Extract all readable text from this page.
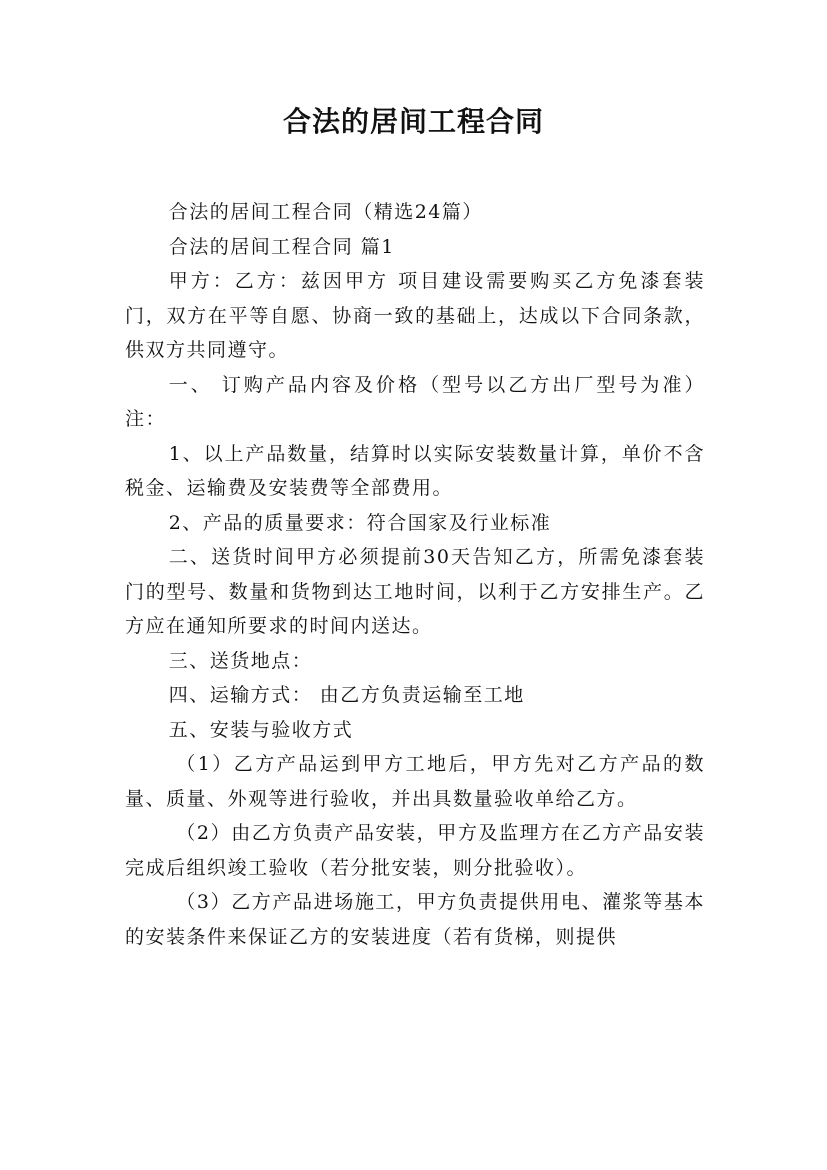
合法的居间工程合同

合法的居间工程合同（精选24篇）

合法的居间工程合同 篇1

甲方：乙方：兹因甲方 项目建设需要购买乙方免漆套装门，双方在平等自愿、协商一致的基础上，达成以下合同条款，供双方共同遵守。

一、 订购产品内容及价格（型号以乙方出厂型号为准）注：

1、以上产品数量，结算时以实际安装数量计算，单价不含税金、运输费及安装费等全部费用。

2、产品的质量要求：符合国家及行业标准

二、送货时间甲方必须提前30天告知乙方，所需免漆套装门的型号、数量和货物到达工地时间，以利于乙方安排生产。乙方应在通知所要求的时间内送达。

三、送货地点：

四、运输方式： 由乙方负责运输至工地

五、安装与验收方式

（1）乙方产品运到甲方工地后，甲方先对乙方产品的数量、质量、外观等进行验收，并出具数量验收单给乙方。

（2）由乙方负责产品安装，甲方及监理方在乙方产品安装完成后组织竣工验收（若分批安装，则分批验收）。

（3）乙方产品进场施工，甲方负责提供用电、灌浆等基本的安装条件来保证乙方的安装进度（若有货梯，则提供
